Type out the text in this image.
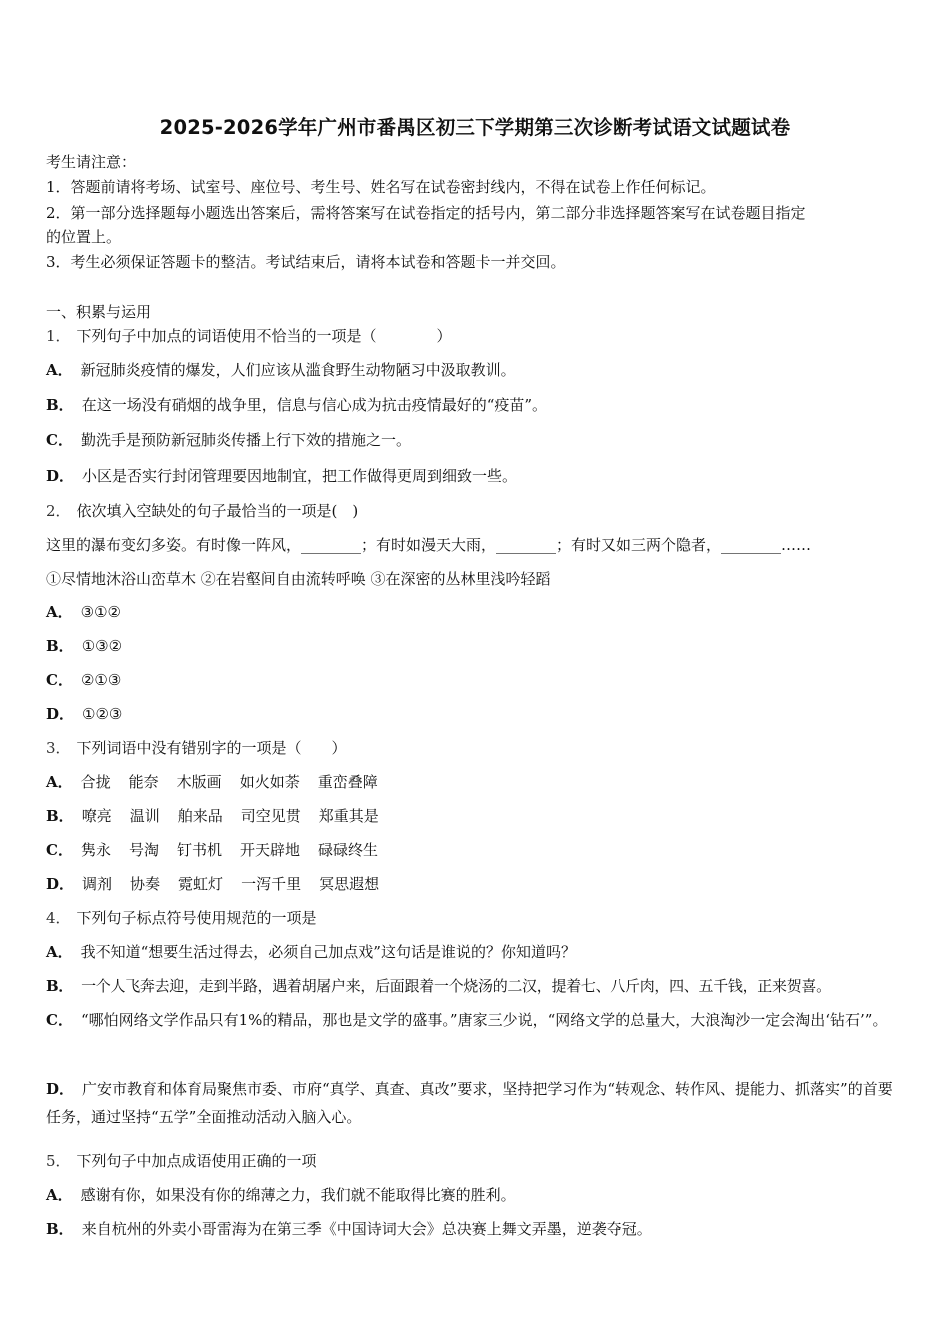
2025-2026学年广州市番禺区初三下学期第三次诊断考试语文试题试卷
考生请注意：
1．答题前请将考场、试室号、座位号、考生号、姓名写在试卷密封线内，不得在试卷上作任何标记。
2．第一部分选择题每小题选出答案后，需将答案写在试卷指定的括号内，第二部分非选择题答案写在试卷题目指定
的位置上。
3．考生必须保证答题卡的整洁。考试结束后，请将本试卷和答题卡一并交回。
一、积累与运用
1． 下列句子中加点的词语使用不恰当的一项是（　　　　）
A． 新冠肺炎疫情的爆发，人们应该从滥食野生动物陋习中汲取教训。
B． 在这一场没有硝烟的战争里，信息与信心成为抗击疫情最好的“疫苗”。
C． 勤洗手是预防新冠肺炎传播上行下效的措施之一。
D． 小区是否实行封闭管理要因地制宜，把工作做得更周到细致一些。
2． 依次填入空缺处的句子最恰当的一项是(　)
这里的瀑布变幻多姿。有时像一阵风，________；有时如漫天大雨，________；有时又如三两个隐者，________……
①尽情地沐浴山峦草木 ②在岩壑间自由流转呼唤 ③在深密的丛林里浅吟轻蹈
A． ③①②
B． ①③②
C． ②①③
D． ①②③
3． 下列词语中没有错别字的一项是（　　）
A． 合拢 能奈 木版画 如火如荼 重峦叠障
B． 嘹亮 温训 舶来品 司空见贯 郑重其是
C． 隽永 号淘 钉书机 开天辟地 碌碌终生
D． 调剂 协奏 霓虹灯 一泻千里 冥思遐想
4． 下列句子标点符号使用规范的一项是
A． 我不知道“想要生活过得去，必须自己加点戏”这句话是谁说的？你知道吗？
B． 一个人飞奔去迎，走到半路，遇着胡屠户来，后面跟着一个烧汤的二汉，提着七、八斤肉，四、五千钱，正来贺喜。
C． “哪怕网络文学作品只有1%的精品，那也是文学的盛事。”唐家三少说，“网络文学的总量大，大浪淘沙一定会淘出‘钻石’”。
D． 广安市教育和体育局聚焦市委、市府“真学、真查、真改”要求，坚持把学习作为“转观念、转作风、提能力、抓落实”的首要任务，通过坚持“五学”全面推动活动入脑入心。
5． 下列句子中加点成语使用正确的一项
A． 感谢有你，如果没有你的绵薄之力，我们就不能取得比赛的胜利。
B． 来自杭州的外卖小哥雷海为在第三季《中国诗词大会》总决赛上舞文弄墨，逆袭夺冠。
